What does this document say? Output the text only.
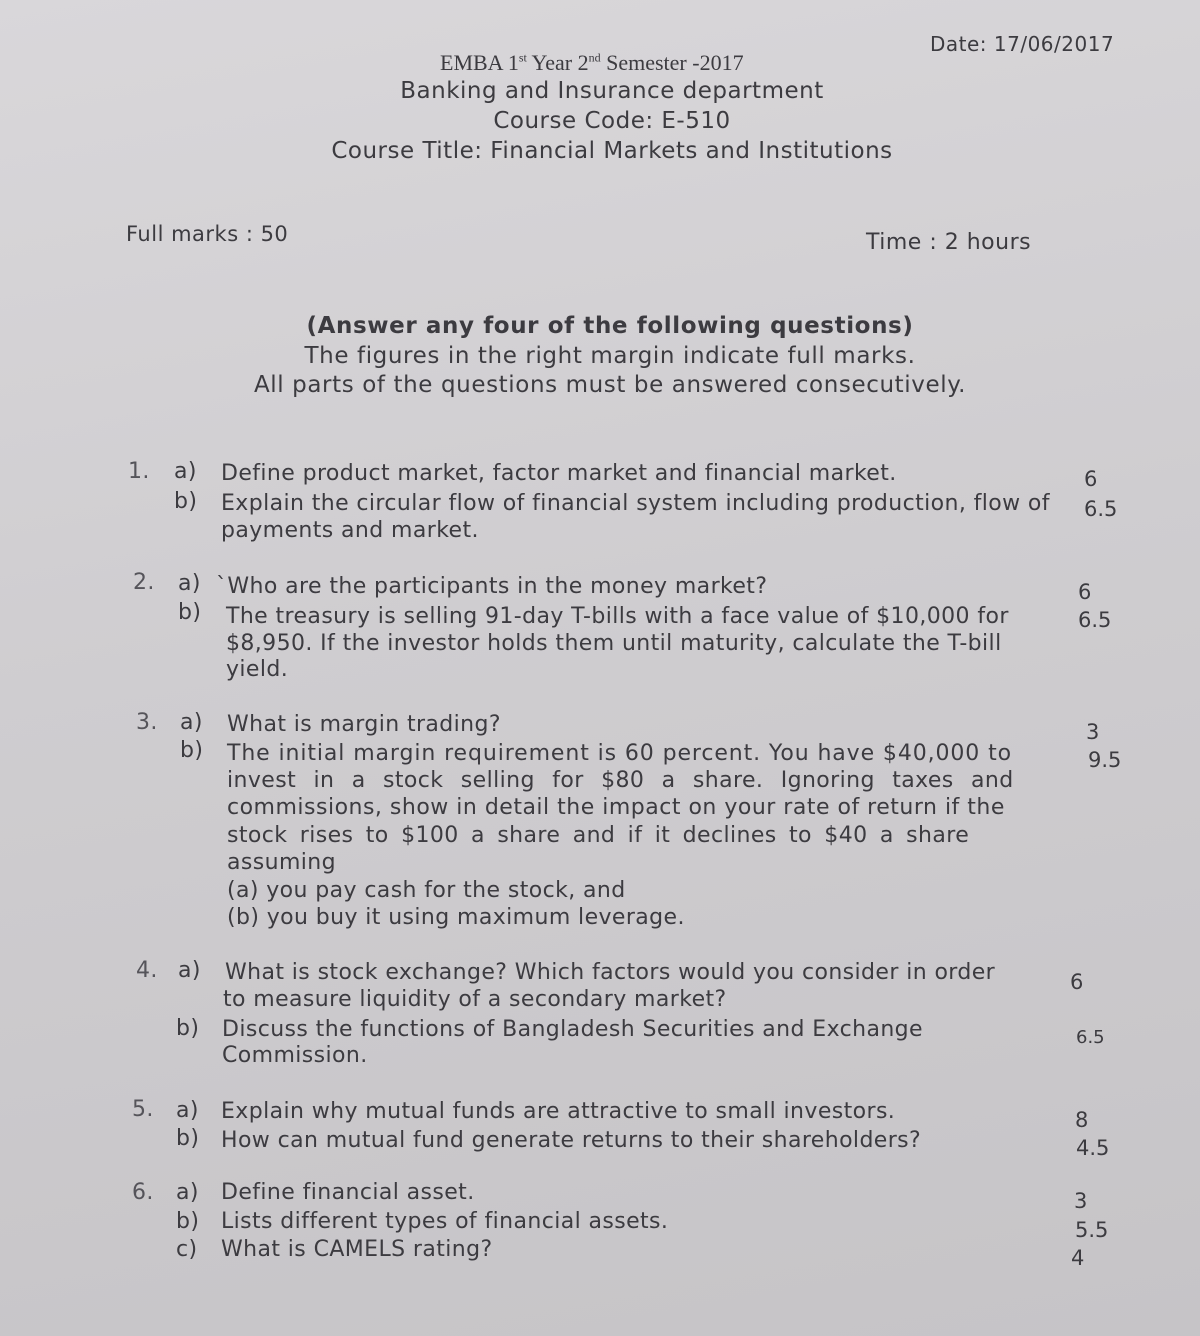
Date: 17/06/2017
EMBA 1st Year 2nd Semester -2017
Banking and Insurance department
Course Code: E-510
Course Title: Financial Markets and Institutions
Full marks : 50	Time : 2 hours
(Answer any four of the following questions)
The figures in the right margin indicate full marks.
All parts of the questions must be answered consecutively.
1. a) Define product market, factor market and financial market.	6
b) Explain the circular flow of financial system including production, flow of
payments and market.
6.5
2. a) `Who are the participants in the money market?	6
b) The treasury is selling 91-day T-bills with a face value of $10,000 for
$8,950. If the investor holds them until maturity, calculate the T-bill
yield.
6.5
3. a) What is margin trading?	3
b) The initial margin requirement is 60 percent. You have $40,000 to
invest in a stock selling for $80 a share. Ignoring taxes and
commissions, show in detail the impact on your rate of return if the
stock rises to $100 a share and if it declines to $40 a share
assuming
(a) you pay cash for the stock, and
(b) you buy it using maximum leverage.
9.5
4. a) What is stock exchange? Which factors would you consider in order
to measure liquidity of a secondary market?
6
b) Discuss the functions of Bangladesh Securities and Exchange
Commission.
6.5
5. a) Explain why mutual funds are attractive to small investors.	8
b) How can mutual fund generate returns to their shareholders?	4.5
6. a) Define financial asset.	3
b) Lists different types of financial assets.	5.5
c) What is CAMELS rating?	4
